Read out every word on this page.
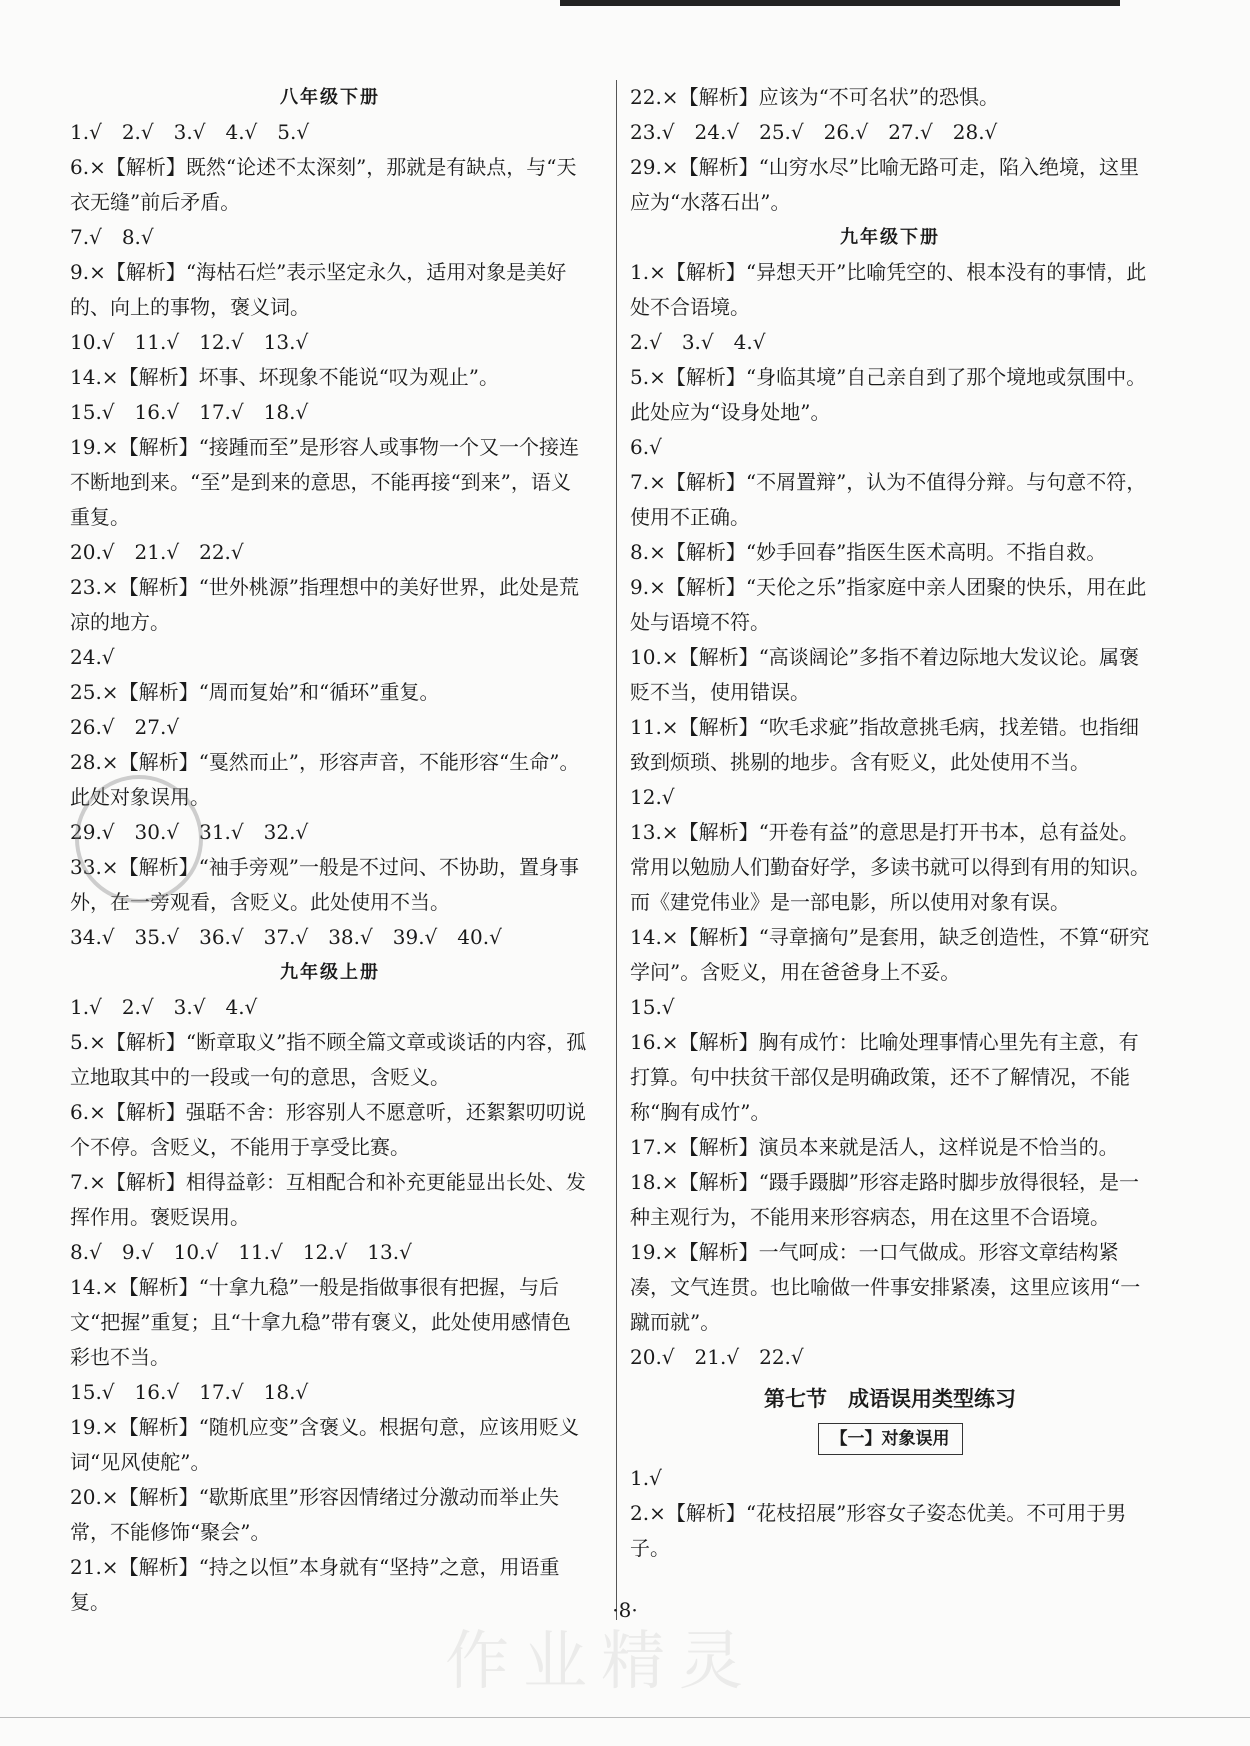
八年级下册

1.√　2.√　3.√　4.√　5.√

6.×【解析】既然“论述不太深刻”，那就是有缺点，与“天衣无缝”前后矛盾。

7.√　8.√

9.×【解析】“海枯石烂”表示坚定永久，适用对象是美好的、向上的事物，褒义词。

10.√　11.√　12.√　13.√

14.×【解析】坏事、坏现象不能说“叹为观止”。

15.√　16.√　17.√　18.√

19.×【解析】“接踵而至”是形容人或事物一个又一个接连不断地到来。“至”是到来的意思，不能再接“到来”，语义重复。

20.√　21.√　22.√

23.×【解析】“世外桃源”指理想中的美好世界，此处是荒凉的地方。

24.√

25.×【解析】“周而复始”和“循环”重复。

26.√　27.√

28.×【解析】“戛然而止”，形容声音，不能形容“生命”。此处对象误用。

29.√　30.√　31.√　32.√

33.×【解析】“袖手旁观”一般是不过问、不协助，置身事外，在一旁观看，含贬义。此处使用不当。

34.√　35.√　36.√　37.√　38.√　39.√　40.√

九年级上册

1.√　2.√　3.√　4.√

5.×【解析】“断章取义”指不顾全篇文章或谈话的内容，孤立地取其中的一段或一句的意思，含贬义。

6.×【解析】强聒不舍：形容别人不愿意听，还絮絮叨叨说个不停。含贬义，不能用于享受比赛。

7.×【解析】相得益彰：互相配合和补充更能显出长处、发挥作用。褒贬误用。

8.√　9.√　10.√　11.√　12.√　13.√

14.×【解析】“十拿九稳”一般是指做事很有把握，与后文“把握”重复；且“十拿九稳”带有褒义，此处使用感情色彩也不当。

15.√　16.√　17.√　18.√

19.×【解析】“随机应变”含褒义。根据句意，应该用贬义词“见风使舵”。

20.×【解析】“歇斯底里”形容因情绪过分激动而举止失常，不能修饰“聚会”。

21.×【解析】“持之以恒”本身就有“坚持”之意，用语重复。

22.×【解析】应该为“不可名状”的恐惧。

23.√　24.√　25.√　26.√　27.√　28.√

29.×【解析】“山穷水尽”比喻无路可走，陷入绝境，这里应为“水落石出”。

九年级下册

1.×【解析】“异想天开”比喻凭空的、根本没有的事情，此处不合语境。

2.√　3.√　4.√

5.×【解析】“身临其境”自己亲自到了那个境地或氛围中。此处应为“设身处地”。

6.√

7.×【解析】“不屑置辩”，认为不值得分辩。与句意不符，使用不正确。

8.×【解析】“妙手回春”指医生医术高明。不指自救。

9.×【解析】“天伦之乐”指家庭中亲人团聚的快乐，用在此处与语境不符。

10.×【解析】“高谈阔论”多指不着边际地大发议论。属褒贬不当，使用错误。

11.×【解析】“吹毛求疵”指故意挑毛病，找差错。也指细致到烦琐、挑剔的地步。含有贬义，此处使用不当。

12.√

13.×【解析】“开卷有益”的意思是打开书本，总有益处。常用以勉励人们勤奋好学，多读书就可以得到有用的知识。而《建党伟业》是一部电影，所以使用对象有误。

14.×【解析】“寻章摘句”是套用，缺乏创造性，不算“研究学问”。含贬义，用在爸爸身上不妥。

15.√

16.×【解析】胸有成竹：比喻处理事情心里先有主意，有打算。句中扶贫干部仅是明确政策，还不了解情况，不能称“胸有成竹”。

17.×【解析】演员本来就是活人，这样说是不恰当的。

18.×【解析】“蹑手蹑脚”形容走路时脚步放得很轻，是一种主观行为，不能用来形容病态，用在这里不合语境。

19.×【解析】一气呵成：一口气做成。形容文章结构紧凑，文气连贯。也比喻做一件事安排紧凑，这里应该用“一蹴而就”。

20.√　21.√　22.√

第七节　成语误用类型练习
【一】对象误用

1.√

2.×【解析】“花枝招展”形容女子姿态优美。不可用于男子。

·8·
作业精灵
